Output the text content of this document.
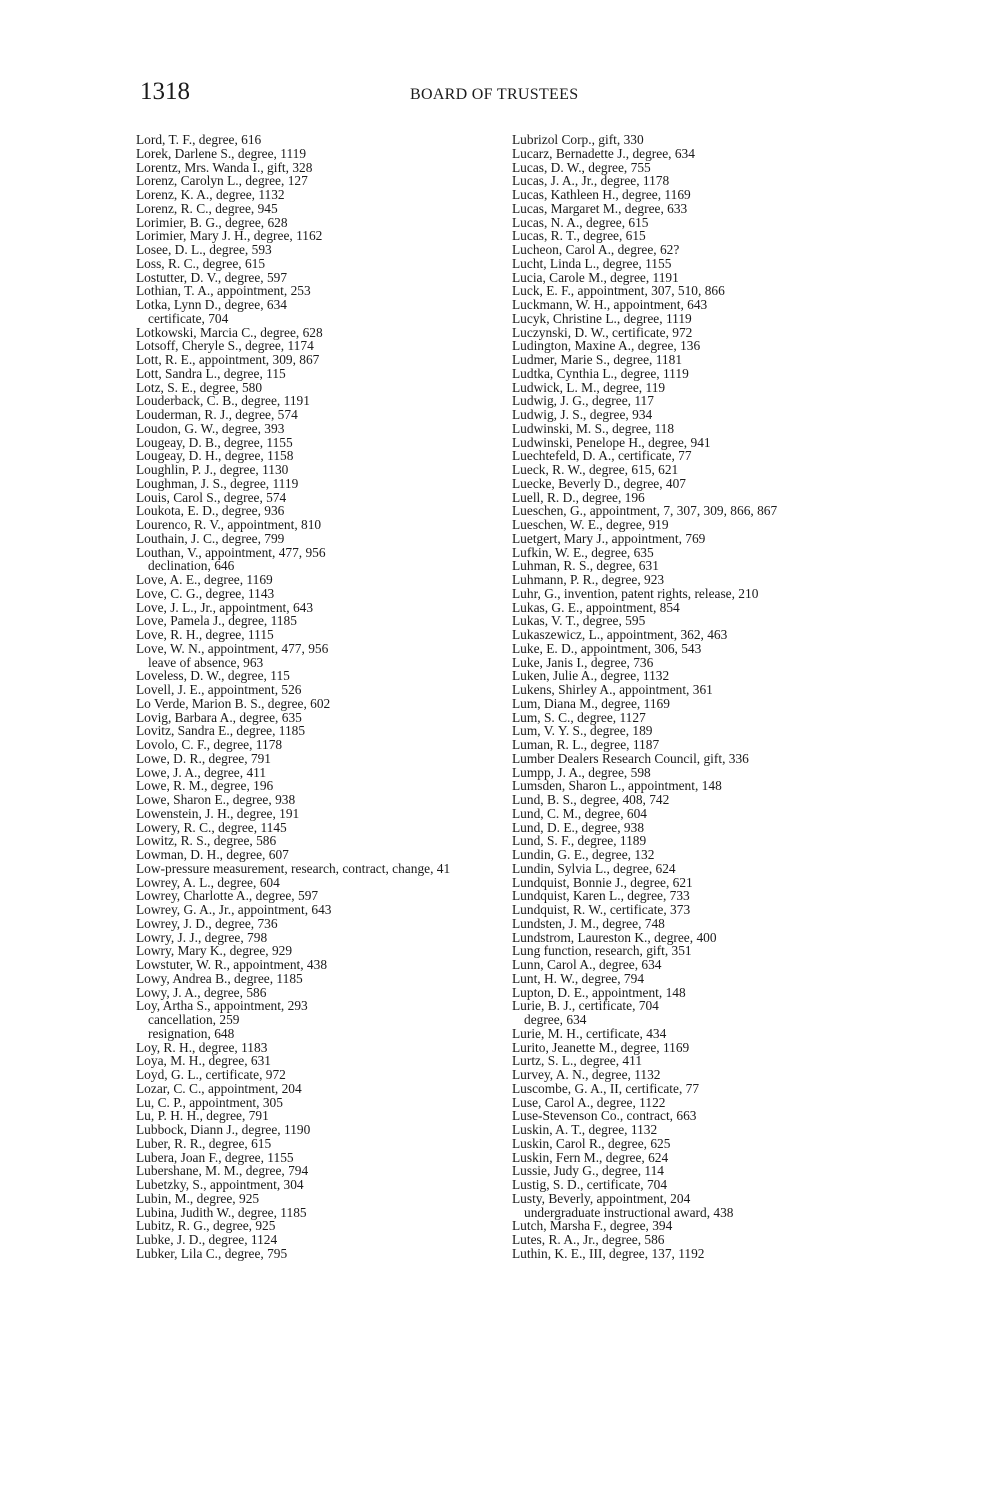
1318	BOARD OF TRUSTEES
Lord, T. F., degree, 616
Lorek, Darlene S., degree, 1119
Lorentz, Mrs. Wanda I., gift, 328
Lorenz, Carolyn L., degree, 127
Lorenz, K. A., degree, 1132
Lorenz, R. C., degree, 945
Lorimier, B. G., degree, 628
Lorimier, Mary J. H., degree, 1162
Losee, D. L., degree, 593
Loss, R. C., degree, 615
Lostutter, D. V., degree, 597
Lothian, T. A., appointment, 253
Lotka, Lynn D., degree, 634
certificate, 704
Lotkowski, Marcia C., degree, 628
Lotsoff, Cheryle S., degree, 1174
Lott, R. E., appointment, 309, 867
Lott, Sandra L., degree, 115
Lotz, S. E., degree, 580
Louderback, C. B., degree, 1191
Louderman, R. J., degree, 574
Loudon, G. W., degree, 393
Lougeay, D. B., degree, 1155
Lougeay, D. H., degree, 1158
Loughlin, P. J., degree, 1130
Loughman, J. S., degree, 1119
Louis, Carol S., degree, 574
Loukota, E. D., degree, 936
Lourenco, R. V., appointment, 810
Louthain, J. C., degree, 799
Louthan, V., appointment, 477, 956
declination, 646
Love, A. E., degree, 1169
Love, C. G., degree, 1143
Love, J. L., Jr., appointment, 643
Love, Pamela J., degree, 1185
Love, R. H., degree, 1115
Love, W. N., appointment, 477, 956
leave of absence, 963
Loveless, D. W., degree, 115
Lovell, J. E., appointment, 526
Lo Verde, Marion B. S., degree, 602
Lovig, Barbara A., degree, 635
Lovitz, Sandra E., degree, 1185
Lovolo, C. F., degree, 1178
Lowe, D. R., degree, 791
Lowe, J. A., degree, 411
Lowe, R. M., degree, 196
Lowe, Sharon E., degree, 938
Lowenstein, J. H., degree, 191
Lowery, R. C., degree, 1145
Lowitz, R. S., degree, 586
Lowman, D. H., degree, 607
Low-pressure measurement, research, contract, change, 41
Lowrey, A. L., degree, 604
Lowrey, Charlotte A., degree, 597
Lowrey, G. A., Jr., appointment, 643
Lowrey, J. D., degree, 736
Lowry, J. J., degree, 798
Lowry, Mary K., degree, 929
Lowstuter, W. R., appointment, 438
Lowy, Andrea B., degree, 1185
Lowy, J. A., degree, 586
Loy, Artha S., appointment, 293
cancellation, 259
resignation, 648
Loy, R. H., degree, 1183
Loya, M. H., degree, 631
Loyd, G. L., certificate, 972
Lozar, C. C., appointment, 204
Lu, C. P., appointment, 305
Lu, P. H. H., degree, 791
Lubbock, Diann J., degree, 1190
Luber, R. R., degree, 615
Lubera, Joan F., degree, 1155
Lubershane, M. M., degree, 794
Lubetzky, S., appointment, 304
Lubin, M., degree, 925
Lubina, Judith W., degree, 1185
Lubitz, R. G., degree, 925
Lubke, J. D., degree, 1124
Lubker, Lila C., degree, 795
Lubrizol Corp., gift, 330
Lucarz, Bernadette J., degree, 634
Lucas, D. W., degree, 755
Lucas, J. A., Jr., degree, 1178
Lucas, Kathleen H., degree, 1169
Lucas, Margaret M., degree, 633
Lucas, N. A., degree, 615
Lucas, R. T., degree, 615
Lucheon, Carol A., degree, 62?
Lucht, Linda L., degree, 1155
Lucia, Carole M., degree, 1191
Luck, E. F., appointment, 307, 510, 866
Luckmann, W. H., appointment, 643
Lucyk, Christine L., degree, 1119
Luczynski, D. W., certificate, 972
Ludington, Maxine A., degree, 136
Ludmer, Marie S., degree, 1181
Ludtka, Cynthia L., degree, 1119
Ludwick, L. M., degree, 119
Ludwig, J. G., degree, 117
Ludwig, J. S., degree, 934
Ludwinski, M. S., degree, 118
Ludwinski, Penelope H., degree, 941
Luechtefeld, D. A., certificate, 77
Lueck, R. W., degree, 615, 621
Luecke, Beverly D., degree, 407
Luell, R. D., degree, 196
Lueschen, G., appointment, 7, 307, 309, 866, 867
Lueschen, W. E., degree, 919
Luetgert, Mary J., appointment, 769
Lufkin, W. E., degree, 635
Luhman, R. S., degree, 631
Luhmann, P. R., degree, 923
Luhr, G., invention, patent rights, release, 210
Lukas, G. E., appointment, 854
Lukas, V. T., degree, 595
Lukaszewicz, L., appointment, 362, 463
Luke, E. D., appointment, 306, 543
Luke, Janis I., degree, 736
Luken, Julie A., degree, 1132
Lukens, Shirley A., appointment, 361
Lum, Diana M., degree, 1169
Lum, S. C., degree, 1127
Lum, V. Y. S., degree, 189
Luman, R. L., degree, 1187
Lumber Dealers Research Council, gift, 336
Lumpp, J. A., degree, 598
Lumsden, Sharon L., appointment, 148
Lund, B. S., degree, 408, 742
Lund, C. M., degree, 604
Lund, D. E., degree, 938
Lund, S. F., degree, 1189
Lundin, G. E., degree, 132
Lundin, Sylvia L., degree, 624
Lundquist, Bonnie J., degree, 621
Lundquist, Karen L., degree, 733
Lundquist, R. W., certificate, 373
Lundsten, J. M., degree, 748
Lundstrom, Laureston K., degree, 400
Lung function, research, gift, 351
Lunn, Carol A., degree, 634
Lunt, H. W., degree, 794
Lupton, D. E., appointment, 148
Lurie, B. J., certificate, 704
degree, 634
Lurie, M. H., certificate, 434
Lurito, Jeanette M., degree, 1169
Lurtz, S. L., degree, 411
Lurvey, A. N., degree, 1132
Luscombe, G. A., II, certificate, 77
Luse, Carol A., degree, 1122
Luse-Stevenson Co., contract, 663
Luskin, A. T., degree, 1132
Luskin, Carol R., degree, 625
Luskin, Fern M., degree, 624
Lussie, Judy G., degree, 114
Lustig, S. D., certificate, 704
Lusty, Beverly, appointment, 204
undergraduate instructional award, 438
Lutch, Marsha F., degree, 394
Lutes, R. A., Jr., degree, 586
Luthin, K. E., III, degree, 137, 1192
